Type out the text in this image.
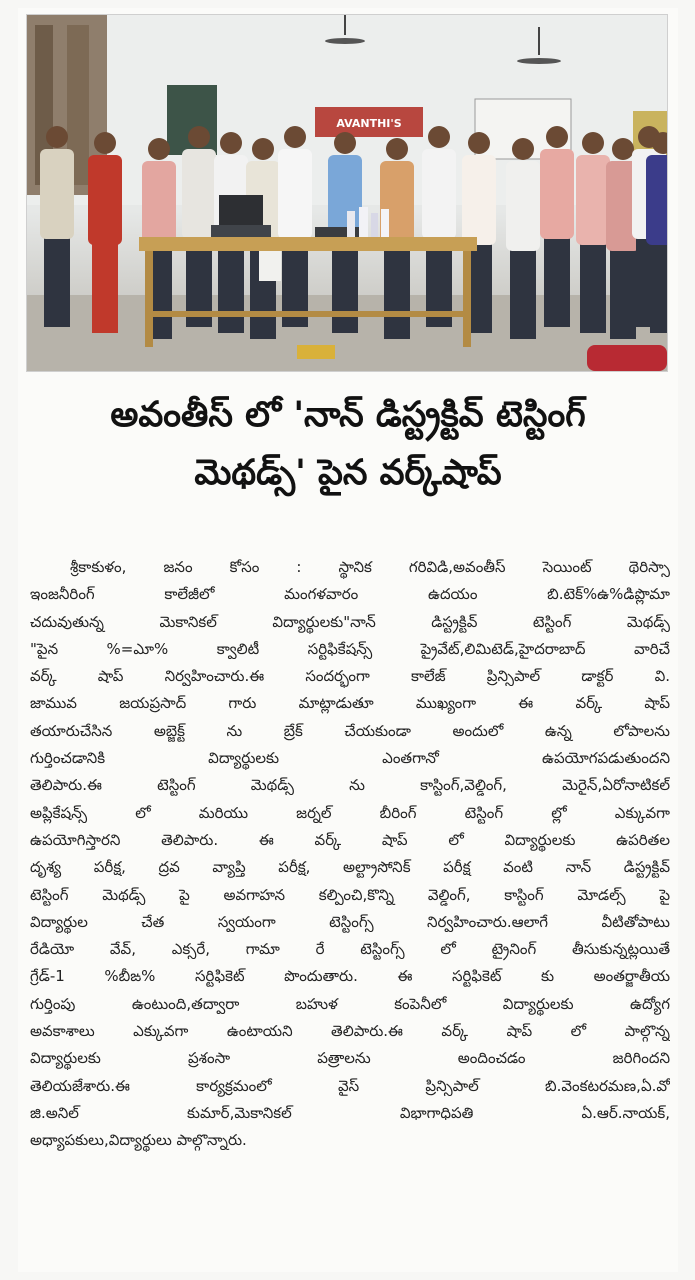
AVANTHI'S
అవంతీస్ లో 'నాన్ డిస్ట్రక్టివ్ టెస్టింగ్
మెథడ్స్' పైన వర్క్‌షాప్

శ్రీకాకుళం, జనం కోసం : స్థానిక గరివిడి,అవంతీస్ సెయింట్ థెరిస్సా

ఇంజనీరింగ్ కాలేజీలో మంగళవారం ఉదయం బి.టెక్%ఉ%డిప్లొమా

చదువుతున్న మెకానికల్ విద్యార్థులకు"నాన్ డిస్ట్రక్టివ్ టెస్టింగ్ మెథడ్స్

"పైన %=ఎూ% క్వాలిటీ సర్టిఫికేషన్స్ ప్రైవేట్,లిమిటెడ్,హైదరాబాద్ వారిచే

వర్క్ షాప్ నిర్వహించారు.ఈ సందర్భంగా కాలేజ్ ప్రిన్సిపాల్ డాక్టర్ వి.

జామువ జయప్రసాద్ గారు మాట్లాడుతూ ముఖ్యంగా ఈ వర్క్ షాప్

తయారుచేసిన అబ్జెక్ట్ ను బ్రేక్ చేయకుండా అందులో ఉన్న లోపాలను

గుర్తించడానికి విద్యార్థులకు ఎంతగానో ఉపయోగపడుతుందని

తెలిపారు.ఈ టెస్టింగ్ మెథడ్స్ ను కాస్టింగ్,వెల్డింగ్, మెరైన్,ఏరోనాటికల్

అప్లికేషన్స్ లో మరియు జర్నల్ బీరింగ్ టెస్టింగ్ ల్లో ఎక్కువగా

ఉపయోగిస్తారని తెలిపారు. ఈ వర్క్ షాప్ లో విద్యార్థులకు ఉపరితల

దృశ్య పరీక్ష, ద్రవ వ్యాప్తి పరీక్ష, అల్ట్రాసోనిక్ పరీక్ష వంటి నాన్ డిస్ట్రక్టివ్

టెస్టింగ్ మెథడ్స్ పై అవగాహన కల్పించి,కొన్ని వెల్డింగ్, కాస్టింగ్ మోడల్స్ పై

విద్యార్థుల చేత స్వయంగా టెస్టింగ్స్ నిర్వహించారు.ఆలాగే వీటితోపాటు

రేడియో వేవ్, ఎక్సరే, గామా రే టెస్టింగ్స్ లో ట్రైనింగ్ తీసుకున్నట్లయితే

గ్రేడ్-1 %బీఙ% సర్టిఫికెట్ పొందుతారు. ఈ సర్టిఫికెట్ కు అంతర్జాతీయ

గుర్తింపు ఉంటుంది,తద్వారా బహుళ కంపెనీలో విద్యార్థులకు ఉద్యోగ

అవకాశాలు ఎక్కువగా ఉంటాయని తెలిపారు.ఈ వర్క్ షాప్ లో పాల్గొన్న

విద్యార్థులకు ప్రశంసా పత్రాలను అందించడం జరిగిందని

తెలియజేశారు.ఈ కార్యక్రమంలో వైస్ ప్రిన్సిపాల్ బి.వెంకటరమణ,ఏ.వో

జి.అనిల్ కుమార్,మెకానికల్ విభాగాధిపతి ఏ.ఆర్.నాయక్,

అధ్యాపకులు,విద్యార్థులు పాల్గొన్నారు.
